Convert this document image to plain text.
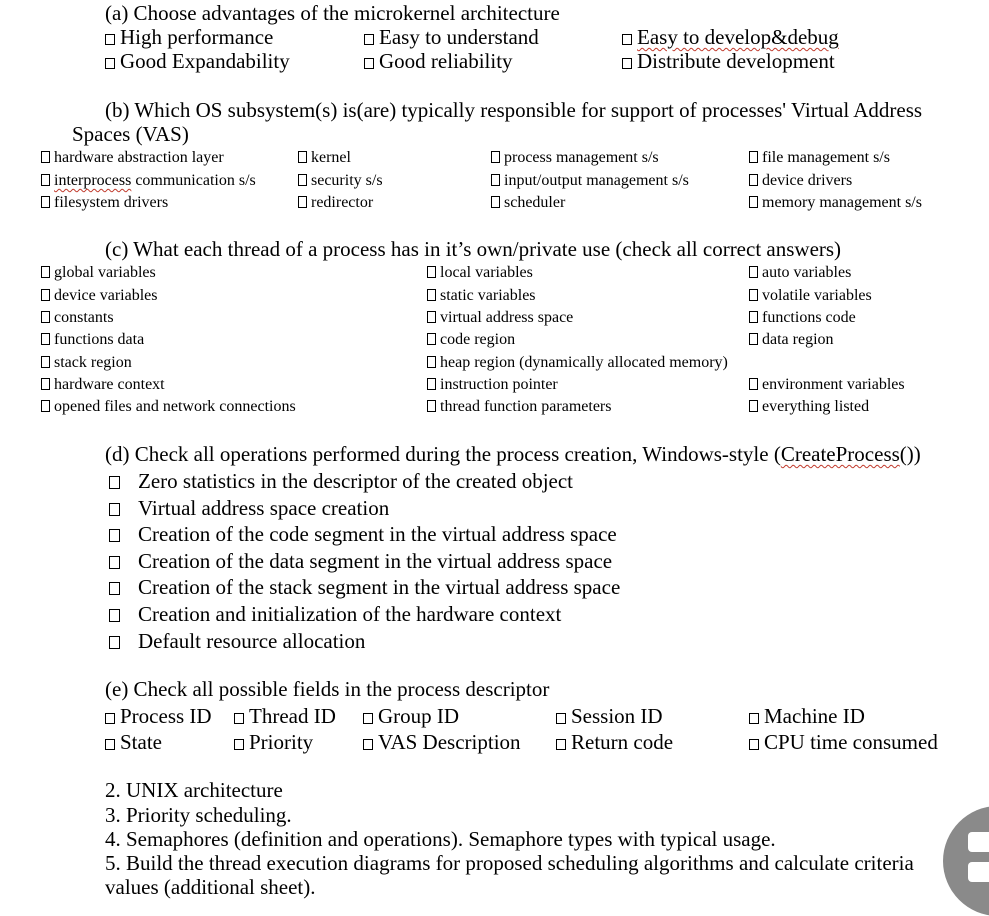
(a) Choose advantages of the microkernel architecture
High performance	Easy to understand	Easy to develop&debug
Good Expandability	Good reliability	Distribute development
(b) Which OS subsystem(s) is(are) typically responsible for support of processes' Virtual Address
Spaces (VAS)
hardware abstraction layer	kernel	process management s/s	file management s/s
interprocess communication s/s	security s/s	input/output management s/s	device drivers
filesystem drivers	redirector	scheduler	memory management s/s
(c) What each thread of a process has in it’s own/private use (check all correct answers)
global variables	local variables	auto variables
device variables	static variables	volatile variables
constants	virtual address space	functions code
functions data	code region	data region
stack region	heap region (dynamically allocated memory)
hardware context	instruction pointer	environment variables
opened files and network connections	thread function parameters	everything listed
(d) Check all operations performed during the process creation, Windows-style (CreateProcess())
Zero statistics in the descriptor of the created object
Virtual address space creation
Creation of the code segment in the virtual address space
Creation of the data segment in the virtual address space
Creation of the stack segment in the virtual address space
Creation and initialization of the hardware context
Default resource allocation
(e) Check all possible fields in the process descriptor
Process ID	Thread ID	Group ID	Session ID	Machine ID
State	Priority	VAS Description	Return code	CPU time consumed
2. UNIX architecture
3. Priority scheduling.
4. Semaphores (definition and operations). Semaphore types with typical usage.
5. Build the thread execution diagrams for proposed scheduling algorithms and calculate criteria
values (additional sheet).
